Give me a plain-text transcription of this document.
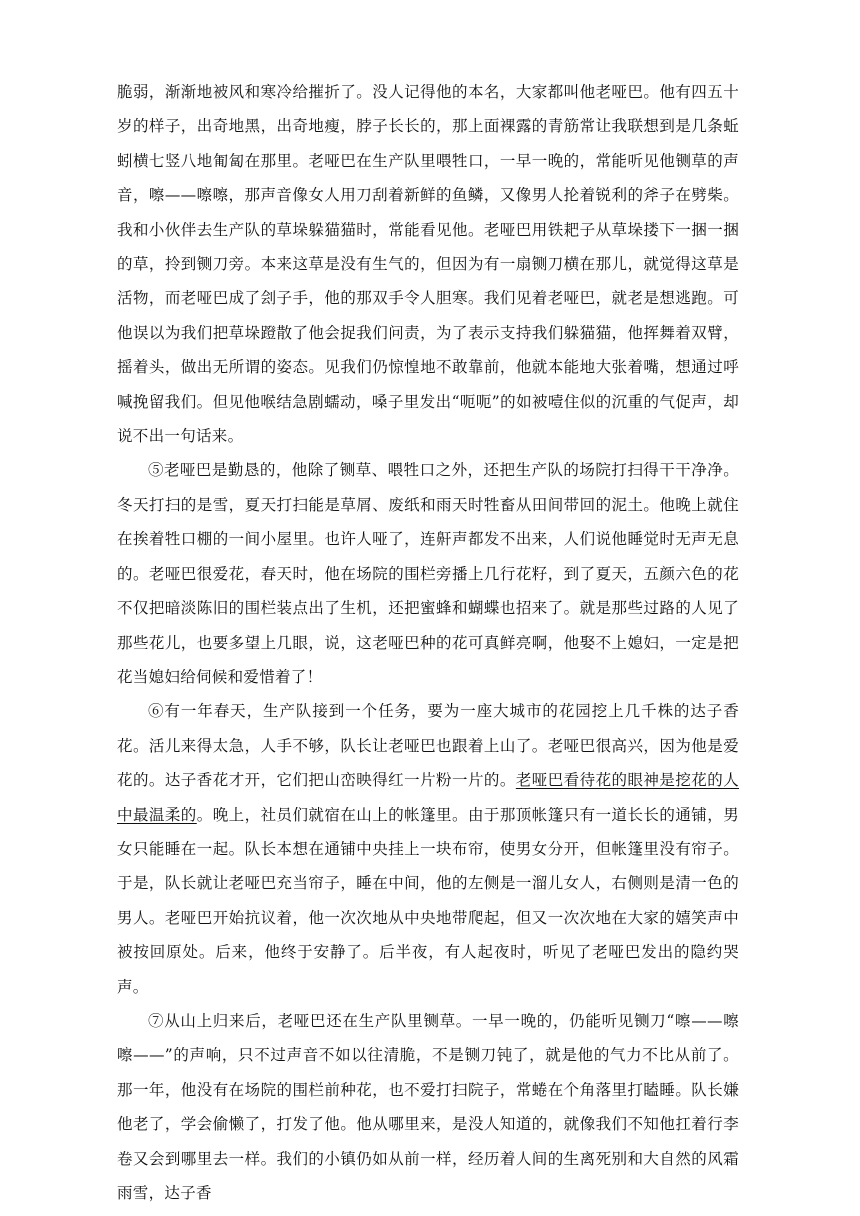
脆弱，渐渐地被风和寒冷给摧折了。没人记得他的本名，大家都叫他老哑巴。他有四五十岁的样子，出奇地黑，出奇地瘦，脖子长长的，那上面裸露的青筋常让我联想到是几条蚯蚓横七竖八地匍匐在那里。老哑巴在生产队里喂牲口，一早一晚的，常能听见他铡草的声音，嚓——嚓嚓，那声音像女人用刀刮着新鲜的鱼鳞，又像男人抡着锐利的斧子在劈柴。我和小伙伴去生产队的草垛躲猫猫时，常能看见他。老哑巴用铁耙子从草垛搂下一捆一捆的草，拎到铡刀旁。本来这草是没有生气的，但因为有一扇铡刀横在那儿，就觉得这草是活物，而老哑巴成了刽子手，他的那双手令人胆寒。我们见着老哑巴，就老是想逃跑。可他误以为我们把草垛蹬散了他会捉我们问责，为了表示支持我们躲猫猫，他挥舞着双臂，摇着头，做出无所谓的姿态。见我们仍惊惶地不敢靠前，他就本能地大张着嘴，想通过呼喊挽留我们。但见他喉结急剧蠕动，嗓子里发出“呃呃”的如被噎住似的沉重的气促声，却说不出一句话来。

⑤老哑巴是勤恳的，他除了铡草、喂牲口之外，还把生产队的场院打扫得干干净净。冬天打扫的是雪，夏天打扫能是草屑、废纸和雨天时牲畜从田间带回的泥土。他晚上就住在挨着牲口棚的一间小屋里。也许人哑了，连鼾声都发不出来，人们说他睡觉时无声无息的。老哑巴很爱花，春天时，他在场院的围栏旁播上几行花籽，到了夏天，五颜六色的花不仅把暗淡陈旧的围栏装点出了生机，还把蜜蜂和蝴蝶也招来了。就是那些过路的人见了那些花儿，也要多望上几眼，说，这老哑巴种的花可真鲜亮啊，他娶不上媳妇，一定是把花当媳妇给伺候和爱惜着了！

⑥有一年春天，生产队接到一个任务，要为一座大城市的花园挖上几千株的达子香花。活儿来得太急，人手不够，队长让老哑巴也跟着上山了。老哑巴很高兴，因为他是爱花的。达子香花才开，它们把山峦映得红一片粉一片的。老哑巴看待花的眼神是挖花的人中最温柔的。晚上，社员们就宿在山上的帐篷里。由于那顶帐篷只有一道长长的通铺，男女只能睡在一起。队长本想在通铺中央挂上一块布帘，使男女分开，但帐篷里没有帘子。于是，队长就让老哑巴充当帘子，睡在中间，他的左侧是一溜儿女人，右侧则是清一色的男人。老哑巴开始抗议着，他一次次地从中央地带爬起，但又一次次地在大家的嬉笑声中被按回原处。后来，他终于安静了。后半夜，有人起夜时，听见了老哑巴发出的隐约哭声。

⑦从山上归来后，老哑巴还在生产队里铡草。一早一晚的，仍能听见铡刀“嚓——嚓嚓——”的声响，只不过声音不如以往清脆，不是铡刀钝了，就是他的气力不比从前了。那一年，他没有在场院的围栏前种花，也不爱打扫院子，常蜷在个角落里打瞌睡。队长嫌他老了，学会偷懒了，打发了他。他从哪里来，是没人知道的，就像我们不知他扛着行李卷又会到哪里去一样。我们的小镇仍如从前一样，经历着人间的生离死别和大自然的风霜雨雪，达子香
